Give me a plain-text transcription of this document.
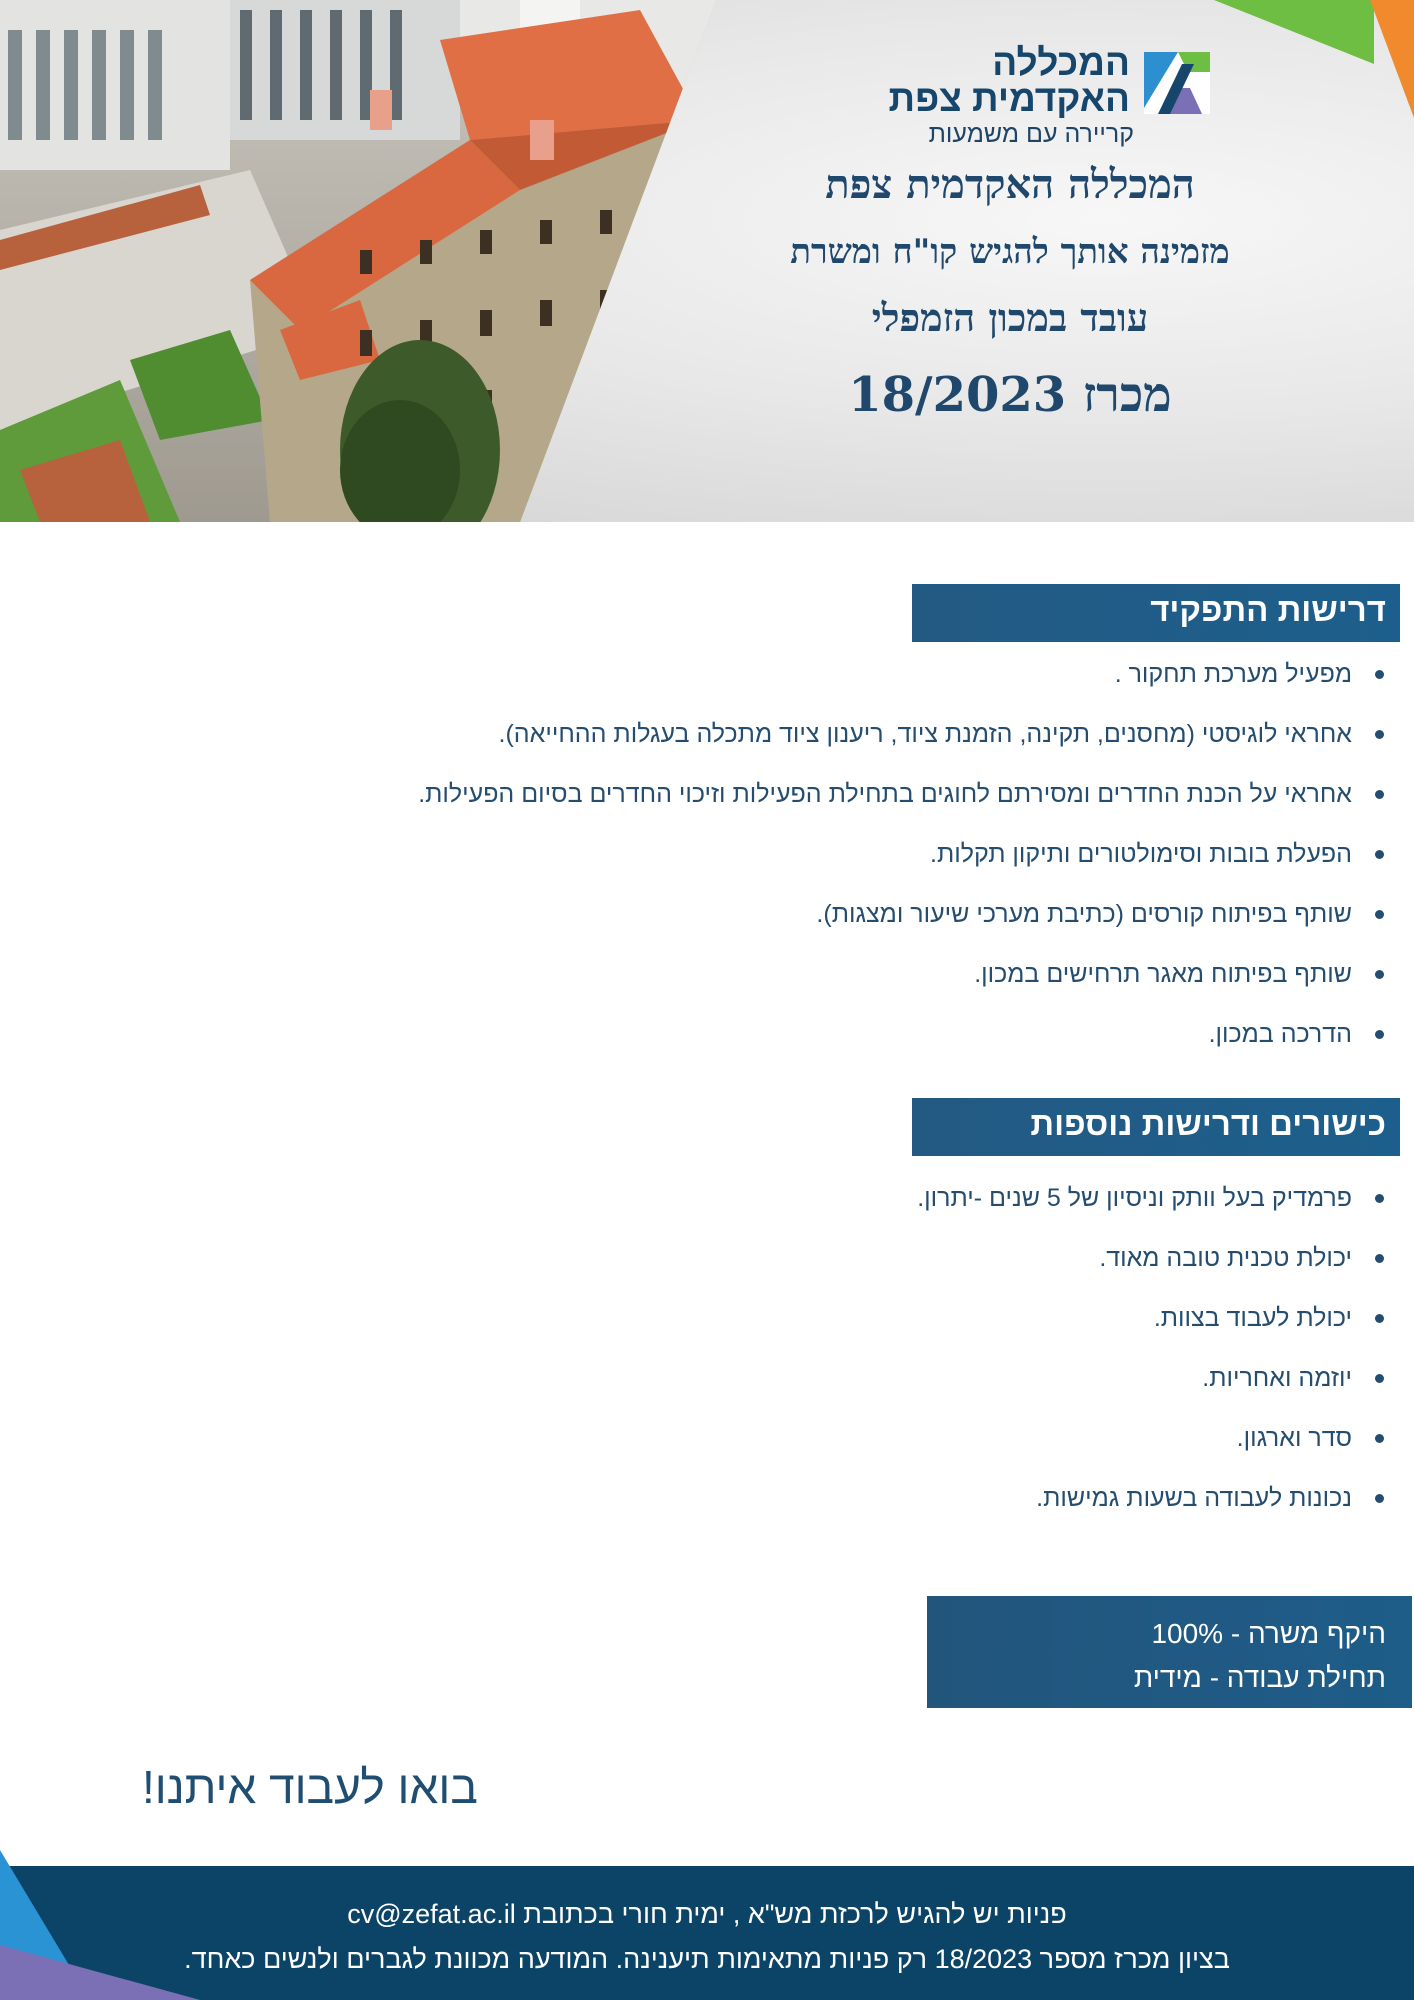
המכללה
האקדמית צפת
קריירה עם משמעות
המכללה האקדמית צפת
מזמינה אותך להגיש קו"ח ומשרת
עובד במכון הזמפלי
מכרז 18/2023
דרישות התפקיד
מפעיל מערכת תחקור .
אחראי לוגיסטי (מחסנים, תקינה, הזמנת ציוד, ריענון ציוד מתכלה בעגלות ההחייאה).
אחראי על הכנת החדרים ומסירתם לחוגים בתחילת הפעילות וזיכוי החדרים בסיום הפעילות.
הפעלת בובות וסימולטורים ותיקון תקלות.
שותף בפיתוח קורסים (כתיבת מערכי שיעור ומצגות).
שותף בפיתוח מאגר תרחישים במכון.
הדרכה במכון.
כישורים ודרישות נוספות
פרמדיק בעל וותק וניסיון של 5 שנים -יתרון.
יכולת טכנית טובה מאוד.
יכולת לעבוד בצוות.
יוזמה ואחריות.
סדר וארגון.
נכונות לעבודה בשעות גמישות.
היקף משרה - 100%
תחילת עבודה - מידית
בואו לעבוד איתנו!
פניות יש להגיש לרכזת מש"א , ימית חורי בכתובת cv@zefat.ac.il
בציון מכרז מספר 18/2023 רק פניות מתאימות תיענינה. המודעה מכוונת לגברים ולנשים כאחד.
